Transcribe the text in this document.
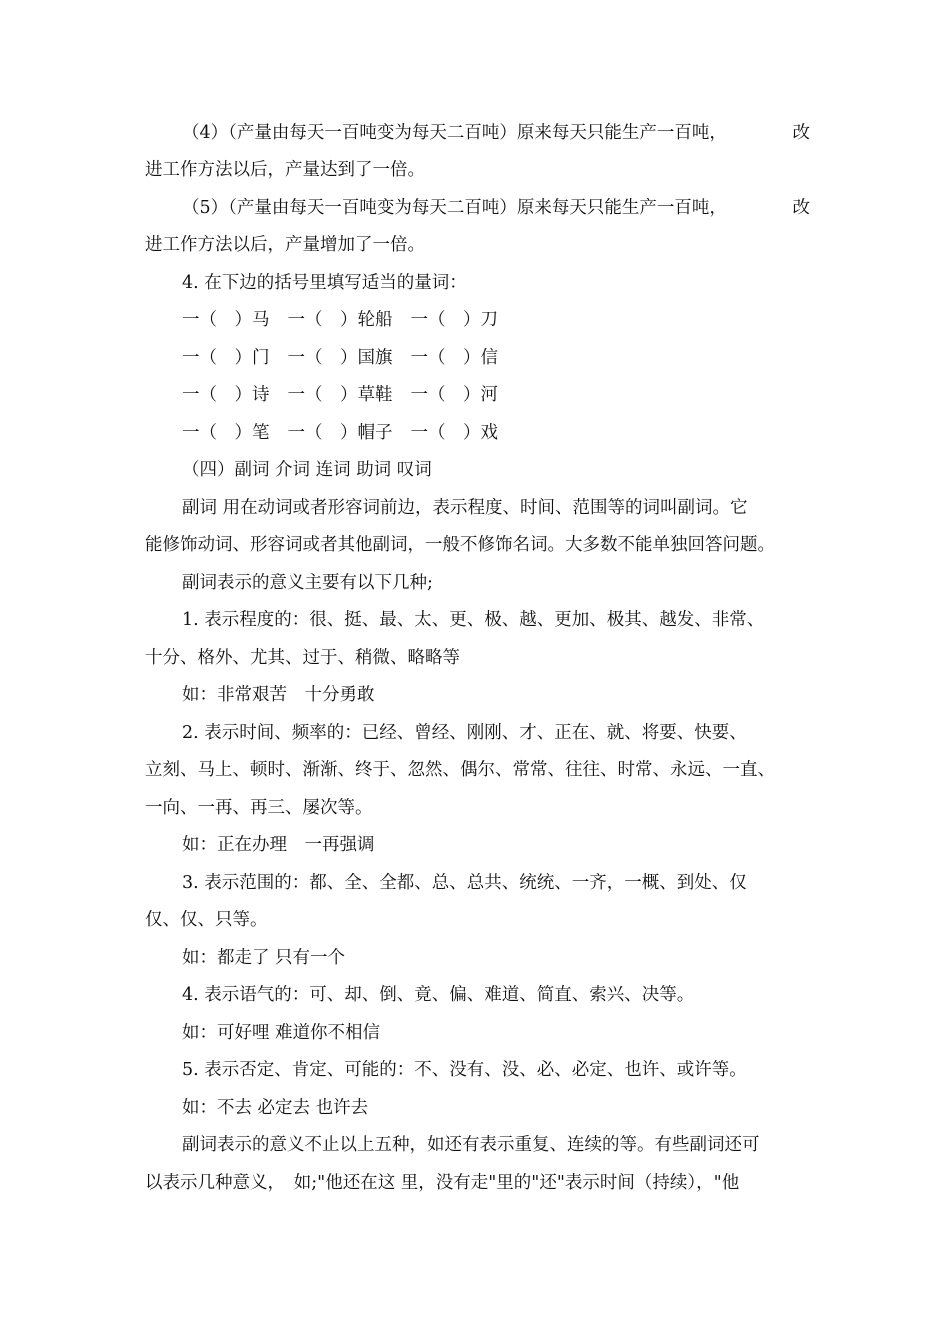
（4）（产量由每天一百吨变为每天二百吨）原来每天只能生产一百吨，	改
进工作方法以后，产量达到了一倍。
（5）（产量由每天一百吨变为每天二百吨）原来每天只能生产一百吨，	改
进工作方法以后，产量增加了一倍。
4. 在下边的括号里填写适当的量词：
一（　）马 一（　）轮船 一（　）刀
一（　）门 一（　）国旗 一（　）信
一（　）诗 一（　）草鞋 一（　）河
一（　）笔 一（　）帽子 一（　）戏
（四）副词 介词 连词 助词 叹词
副词 用在动词或者形容词前边，表示程度、时间、范围等的词叫副词。它
能修饰动词、形容词或者其他副词，一般不修饰名词。大多数不能单独回答问题。
副词表示的意义主要有以下几种;
1. 表示程度的：很、挺、最、太、更、极、越、更加、极其、越发、非常、
十分、格外、尤其、过于、稍微、略略等
如：非常艰苦　十分勇敢
2. 表示时间、频率的：已经、曾经、刚刚、才、正在、就、将要、快要、
立刻、马上、顿时、渐渐、终于、忽然、偶尔、常常、往往、时常、永远、一直、
一向、一再、再三、屡次等。
如：正在办理　一再强调
3. 表示范围的：都、全、全都、总、总共、统统、一齐，一概、到处、仅
仅、仅、只等。
如：都走了 只有一个
4. 表示语气的：可、却、倒、竟、偏、难道、简直、索兴、决等。
如：可好哩 难道你不相信
5. 表示否定、肯定、可能的：不、没有、没、必、必定、也许、或许等。
如：不去 必定去 也许去
副词表示的意义不止以上五种，如还有表示重复、连续的等。有些副词还可
以表示几种意义，　如;"他还在这 里，没有走"里的"还"表示时间（持续），"他
